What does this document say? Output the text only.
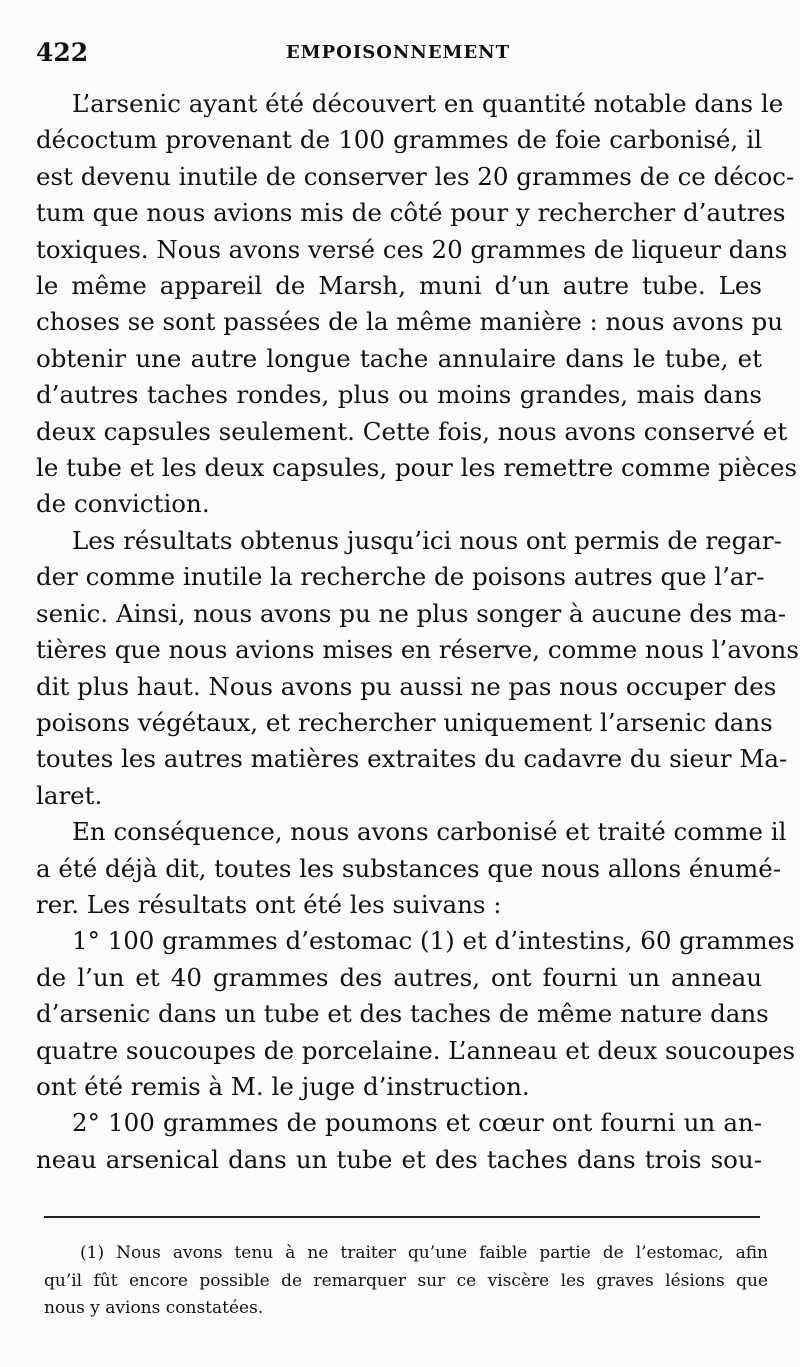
422	EMPOISONNEMENT
L’arsenic ayant été découvert en quantité notable dans le
décoctum provenant de 100 grammes de foie carbonisé, il
est devenu inutile de conserver les 20 grammes de ce décoc-
tum que nous avions mis de côté pour y rechercher d’autres
toxiques. Nous avons versé ces 20 grammes de liqueur dans
le même appareil de Marsh, muni d’un autre tube. Les
choses se sont passées de la même manière : nous avons pu
obtenir une autre longue tache annulaire dans le tube, et
d’autres taches rondes, plus ou moins grandes, mais dans
deux capsules seulement. Cette fois, nous avons conservé et
le tube et les deux capsules, pour les remettre comme pièces
de conviction.
Les résultats obtenus jusqu’ici nous ont permis de regar-
der comme inutile la recherche de poisons autres que l’ar-
senic. Ainsi, nous avons pu ne plus songer à aucune des ma-
tières que nous avions mises en réserve, comme nous l’avons
dit plus haut. Nous avons pu aussi ne pas nous occuper des
poisons végétaux, et rechercher uniquement l’arsenic dans
toutes les autres matières extraites du cadavre du sieur Ma-
laret.
En conséquence, nous avons carbonisé et traité comme il
a été déjà dit, toutes les substances que nous allons énumé-
rer. Les résultats ont été les suivans :
1° 100 grammes d’estomac (1) et d’intestins, 60 grammes
de l’un et 40 grammes des autres, ont fourni un anneau
d’arsenic dans un tube et des taches de même nature dans
quatre soucoupes de porcelaine. L’anneau et deux soucoupes
ont été remis à M. le juge d’instruction.
2° 100 grammes de poumons et cœur ont fourni un an-
neau arsenical dans un tube et des taches dans trois sou-
(1) Nous avons tenu à ne traiter qu’une faible partie de l’estomac, afin
qu’il fût encore possible de remarquer sur ce viscère les graves lésions que
nous y avions constatées.
